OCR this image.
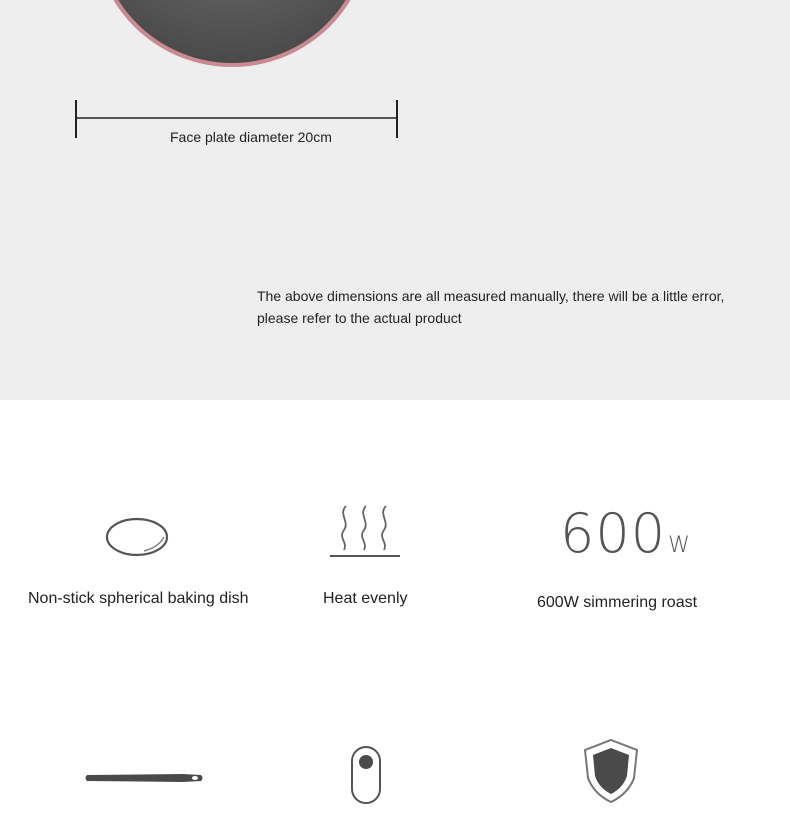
Face plate diameter 20cm
The above dimensions are all measured manually, there will be a little error,
please refer to the actual product
Non-stick spherical baking dish	Heat evenly
600W
600W simmering roast
